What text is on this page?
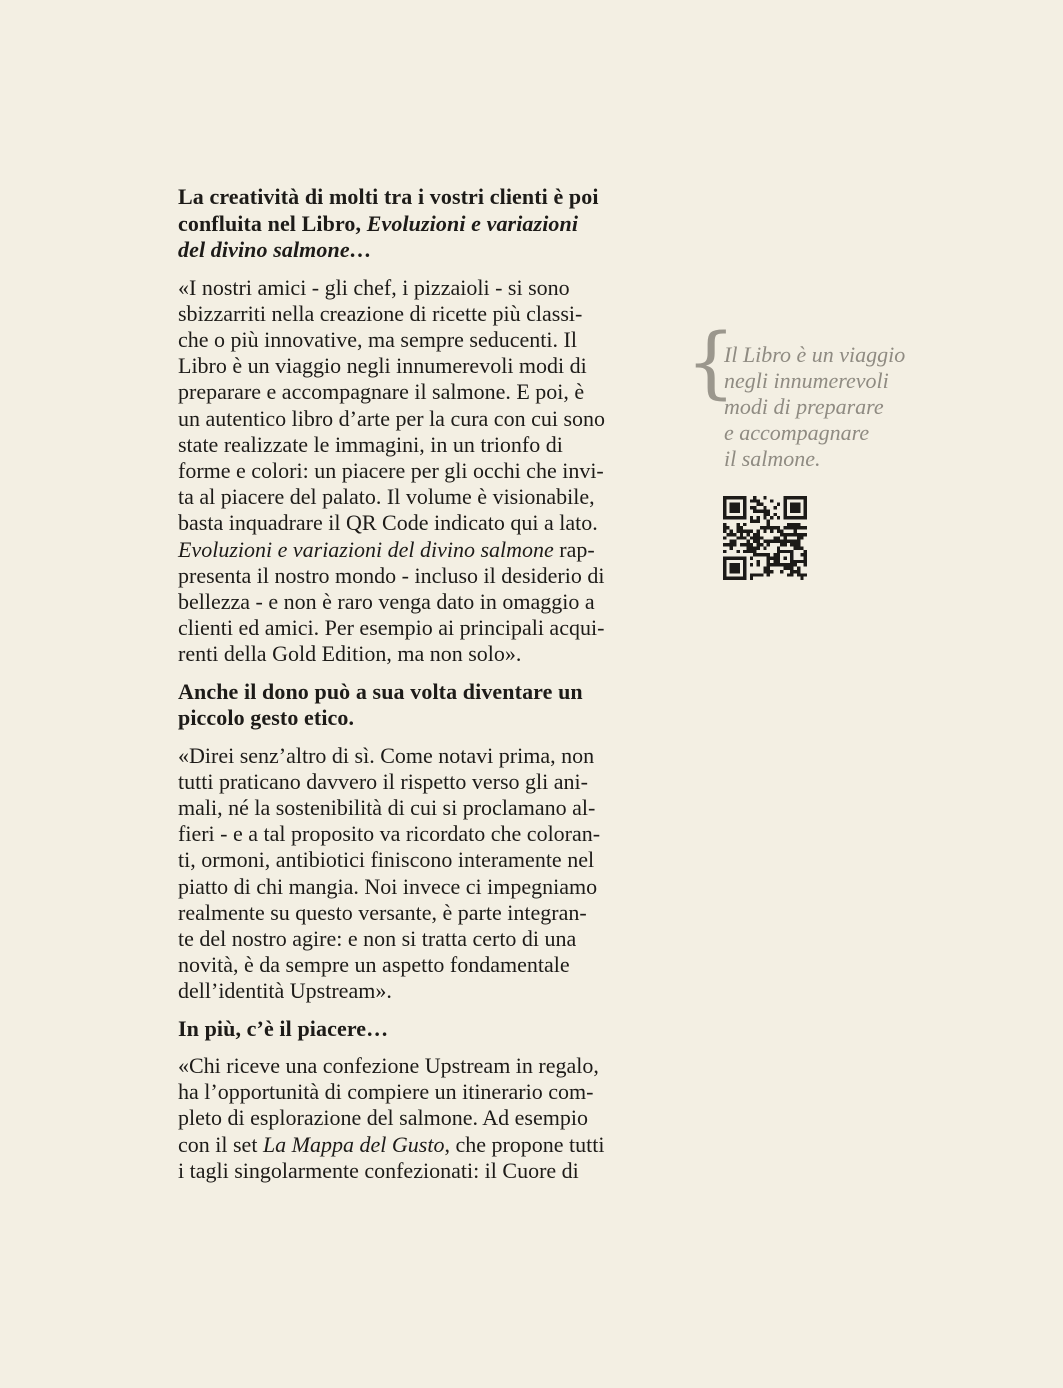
La creatività di molti tra i vostri clienti è poi
confluita nel Libro, Evoluzioni e variazioni
del divino salmone…
«I nostri amici - gli chef, i pizzaioli - si sono
sbizzarriti nella creazione di ricette più classi-
che o più innovative, ma sempre seducenti. Il
Libro è un viaggio negli innumerevoli modi di
preparare e accompagnare il salmone. E poi, è
un autentico libro d’arte per la cura con cui sono
state realizzate le immagini, in un trionfo di
forme e colori: un piacere per gli occhi che invi-
ta al piacere del palato. Il volume è visionabile,
basta inquadrare il QR Code indicato qui a lato.
Evoluzioni e variazioni del divino salmone rap-
presenta il nostro mondo - incluso il desiderio di
bellezza - e non è raro venga dato in omaggio a
clienti ed amici. Per esempio ai principali acqui-
renti della Gold Edition, ma non solo».
Anche il dono può a sua volta diventare un
piccolo gesto etico.
«Direi senz’altro di sì. Come notavi prima, non
tutti praticano davvero il rispetto verso gli ani-
mali, né la sostenibilità di cui si proclamano al-
fieri - e a tal proposito va ricordato che coloran-
ti, ormoni, antibiotici finiscono interamente nel
piatto di chi mangia. Noi invece ci impegniamo
realmente su questo versante, è parte integran-
te del nostro agire: e non si tratta certo di una
novità, è da sempre un aspetto fondamentale
dell’identità Upstream».
In più, c’è il piacere…
«Chi riceve una confezione Upstream in regalo,
ha l’opportunità di compiere un itinerario com-
pleto di esplorazione del salmone. Ad esempio
con il set La Mappa del Gusto, che propone tutti
i tagli singolarmente confezionati: il Cuore di
{
Il Libro è un viaggio
negli innumerevoli
modi di preparare
e accompagnare
il salmone.
